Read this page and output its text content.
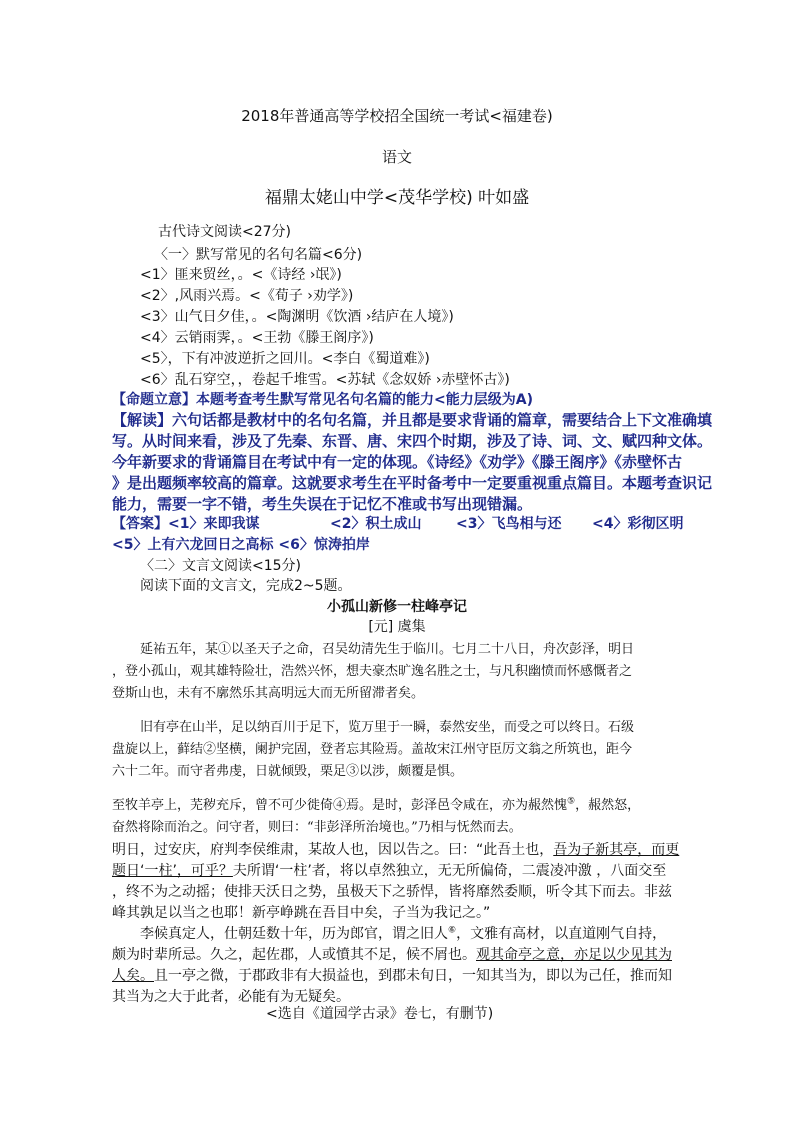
2018年普通高等学校招全国统一考试<福建卷)
语文
福鼎太姥山中学<茂华学校) 叶如盛
古代诗文阅读<27分)
〈一〉默写常见的名句名篇<6分)
<1〉匪来贸丝，。<《诗经 ›氓》)
<2〉,风雨兴焉。<《荀子 ›劝学》)
<3〉山气日夕佳，。<陶渊明《饮酒 ›结庐在人境》)
<4〉云销雨霁，。<王勃《滕王阁序》)
<5〉，下有冲波逆折之回川。<李白《蜀道难》)
<6〉乱石穿空，，卷起千堆雪。<苏轼《念奴娇 ›赤壁怀古》)
【命题立意】本题考查考生默写常见名句名篇的能力<能力层级为A)
【解读】六句话都是教材中的名句名篇，并且都是要求背诵的篇章，需要结合上下文准确填
写。从时间来看，涉及了先秦、东晋、唐、宋四个时期，涉及了诗、词、文、赋四种文体。
今年新要求的背诵篇目在考试中有一定的体现。《诗经》《劝学》《滕王阁序》《赤壁怀古
》是出题频率较高的篇章。这就要求考生在平时备考中一定要重视重点篇目。本题考查识记
能力，需要一字不错，考生失误在于记忆不准或书写出现错漏。
【答案】<1〉来即我谋	<2〉积土成山 <3〉飞鸟相与还 <4〉彩彻区明
<5〉上有六龙回日之高标 <6〉惊涛拍岸
〈二〉文言文阅读<15分)
阅读下面的文言文，完成2~5题。
小孤山新修一柱峰亭记
[元] 虞集
延祐五年，某①以圣天子之命，召吴幼清先生于临川。七月二十八日，舟次彭泽，明日
，登小孤山，观其雄特险壮，浩然兴怀，想夫豪杰旷逸名胜之士，与凡积幽愤而怀感慨者之
登斯山也，未有不廓然乐其高明远大而无所留滞者矣。
旧有亭在山半，足以纳百川于足下，览万里于一瞬，泰然安坐，而受之可以终日。石级
盘旋以上，藓结②坚横，阑护完固，登者忘其险焉。盖故宋江州守臣厉文翁之所筑也，距今
六十二年。而守者弗虔，日就倾毁，栗足③以涉，颇覆是惧。
至牧羊亭上，芜秽充斥，曾不可少徙倚④焉。是时，彭泽邑令咸在，亦为赧然愧⑤，赧然怒，
奋然将除而治之。问守者，则曰：“非彭泽所治境也。”乃相与怃然而去。
明日，过安庆，府判李侯维肃，某故人也，因以告之。曰：“此吾土也，吾为子新其亭，而更
题日‘一柱’，可乎？夫所谓‘一柱’者，将以卓然独立，无无所偏倚，二震凌冲激 ，八面交至
，终不为之动摇；使排天沃日之势，虽极天下之骄悍，皆将靡然委顺，听令其下而去。非兹
峰其孰足以当之也耶！新亭峥跳在吾目中矣，子当为我记之。”
李候真定人，仕朝廷数十年，历为郎官，谓之旧人⑥，文雅有高材，以直道刚气自持，
颇为时辈所忌。久之，起佐郡，人或憤其不足，候不屑也。观其命亭之意，亦足以少见其为
人矣。且一亭之微，于郡政非有大损益也，到郡未旬日，一知其当为，即以为己任，推而知
其当为之大于此者，必能有为无疑矣。
<选自《道园学古录》卷七，有删节)
